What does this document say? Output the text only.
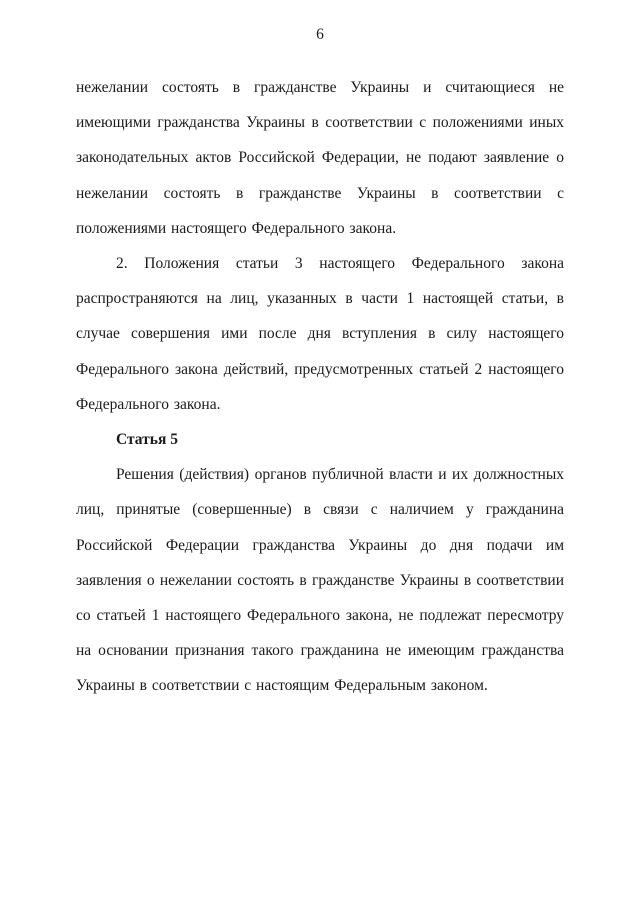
6

нежелании состоять в гражданстве Украины и считающиеся не имеющими гражданства Украины в соответствии с положениями иных законодательных актов Российской Федерации, не подают заявление о нежелании состоять в гражданстве Украины в соответствии с положениями настоящего Федерального закона.

2. Положения статьи 3 настоящего Федерального закона распространяются на лиц, указанных в части 1 настоящей статьи, в случае совершения ими после дня вступления в силу настоящего Федерального закона действий, предусмотренных статьей 2 настоящего Федерального закона.

Статья 5

Решения (действия) органов публичной власти и их должностных лиц, принятые (совершенные) в связи с наличием у гражданина Российской Федерации гражданства Украины до дня подачи им заявления о нежелании состоять в гражданстве Украины в соответствии со статьей 1 настоящего Федерального закона, не подлежат пересмотру на основании признания такого гражданина не имеющим гражданства Украины в соответствии с настоящим Федеральным законом.
